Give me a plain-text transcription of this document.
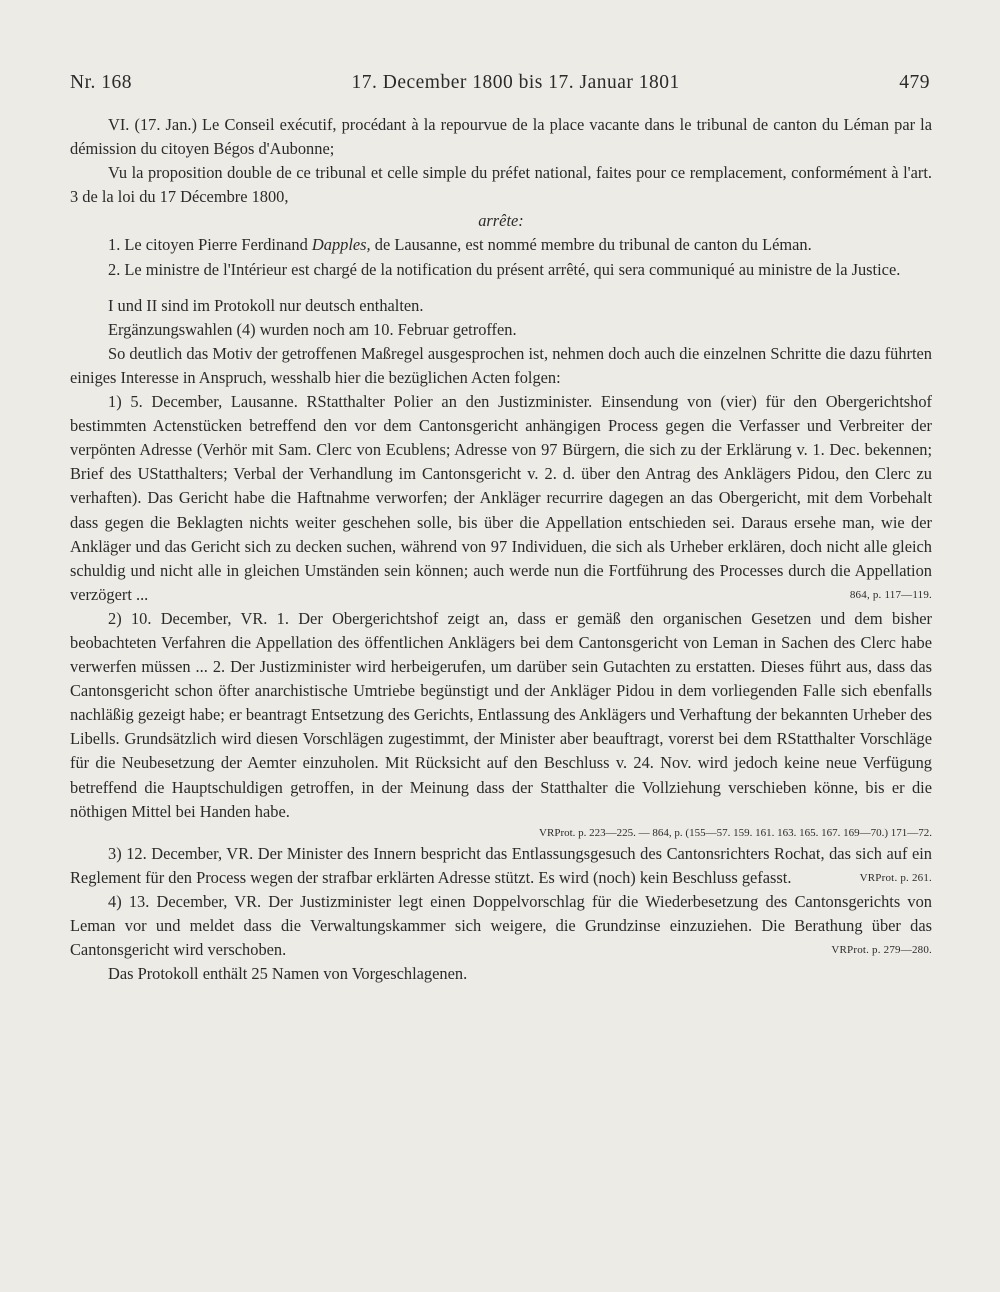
Nr. 168	17. December 1800 bis 17. Januar 1801	479

VI. (17. Jan.) Le Conseil exécutif, procédant à la repourvue de la place vacante dans le tribunal de canton du Léman par la démission du citoyen Bégos d'Aubonne;

Vu la proposition double de ce tribunal et celle simple du préfet national, faites pour ce remplacement, conformément à l'art. 3 de la loi du 17 Décembre 1800,

arrête:

1. Le citoyen Pierre Ferdinand Dapples, de Lausanne, est nommé membre du tribunal de canton du Léman.

2. Le ministre de l'Intérieur est chargé de la notification du présent arrêté, qui sera communiqué au ministre de la Justice.

I und II sind im Protokoll nur deutsch enthalten.

Ergänzungswahlen (4) wurden noch am 10. Februar getroffen.

So deutlich das Motiv der getroffenen Maßregel ausgesprochen ist, nehmen doch auch die einzelnen Schritte die dazu führten einiges Interesse in Anspruch, wesshalb hier die bezüglichen Acten folgen:

1) 5. December, Lausanne. RStatthalter Polier an den Justizminister. Einsendung von (vier) für den Obergerichtshof bestimmten Actenstücken betreffend den vor dem Cantonsgericht anhängigen Process gegen die Verfasser und Verbreiter der verpönten Adresse (Verhör mit Sam. Clerc von Ecublens; Adresse von 97 Bürgern, die sich zu der Erklärung v. 1. Dec. bekennen; Brief des UStatthalters; Verbal der Verhandlung im Cantonsgericht v. 2. d. über den Antrag des Anklägers Pidou, den Clerc zu verhaften). Das Gericht habe die Haftnahme verworfen; der Ankläger recurrire dagegen an das Obergericht, mit dem Vorbehalt dass gegen die Beklagten nichts weiter geschehen solle, bis über die Appellation entschieden sei. Daraus ersehe man, wie der Ankläger und das Gericht sich zu decken suchen, während von 97 Individuen, die sich als Urheber erklären, doch nicht alle gleich schuldig und nicht alle in gleichen Umständen sein können; auch werde nun die Fortführung des Processes durch die Appellation verzögert ...	864, p. 117—119.

2) 10. December, VR. 1. Der Obergerichtshof zeigt an, dass er gemäß den organischen Gesetzen und dem bisher beobachteten Verfahren die Appellation des öffentlichen Anklägers bei dem Cantonsgericht von Leman in Sachen des Clerc habe verwerfen müssen ... 2. Der Justizminister wird herbeigerufen, um darüber sein Gutachten zu erstatten. Dieses führt aus, dass das Cantonsgericht schon öfter anarchistische Umtriebe begünstigt und der Ankläger Pidou in dem vorliegenden Falle sich ebenfalls nachläßig gezeigt habe; er beantragt Entsetzung des Gerichts, Entlassung des Anklägers und Verhaftung der bekannten Urheber des Libells. Grundsätzlich wird diesen Vorschlägen zugestimmt, der Minister aber beauftragt, vorerst bei dem RStatthalter Vorschläge für die Neubesetzung der Aemter einzuholen. Mit Rücksicht auf den Beschluss v. 24. Nov. wird jedoch keine neue Verfügung betreffend die Hauptschuldigen getroffen, in der Meinung dass der Statthalter die Vollziehung verschieben könne, bis er die nöthigen Mittel bei Handen habe.

VRProt. p. 223—225. — 864, p. (155—57. 159. 161. 163. 165. 167. 169—70.) 171—72.

3) 12. December, VR. Der Minister des Innern bespricht das Entlassungsgesuch des Cantonsrichters Rochat, das sich auf ein Reglement für den Process wegen der strafbar erklärten Adresse stützt. Es wird (noch) kein Beschluss gefasst.	VRProt. p. 261.

4) 13. December, VR. Der Justizminister legt einen Doppelvorschlag für die Wiederbesetzung des Cantonsgerichts von Leman vor und meldet dass die Verwaltungskammer sich weigere, die Grundzinse einzuziehen. Die Berathung über das Cantonsgericht wird verschoben.	VRProt. p. 279—280.

Das Protokoll enthält 25 Namen von Vorgeschlagenen.
